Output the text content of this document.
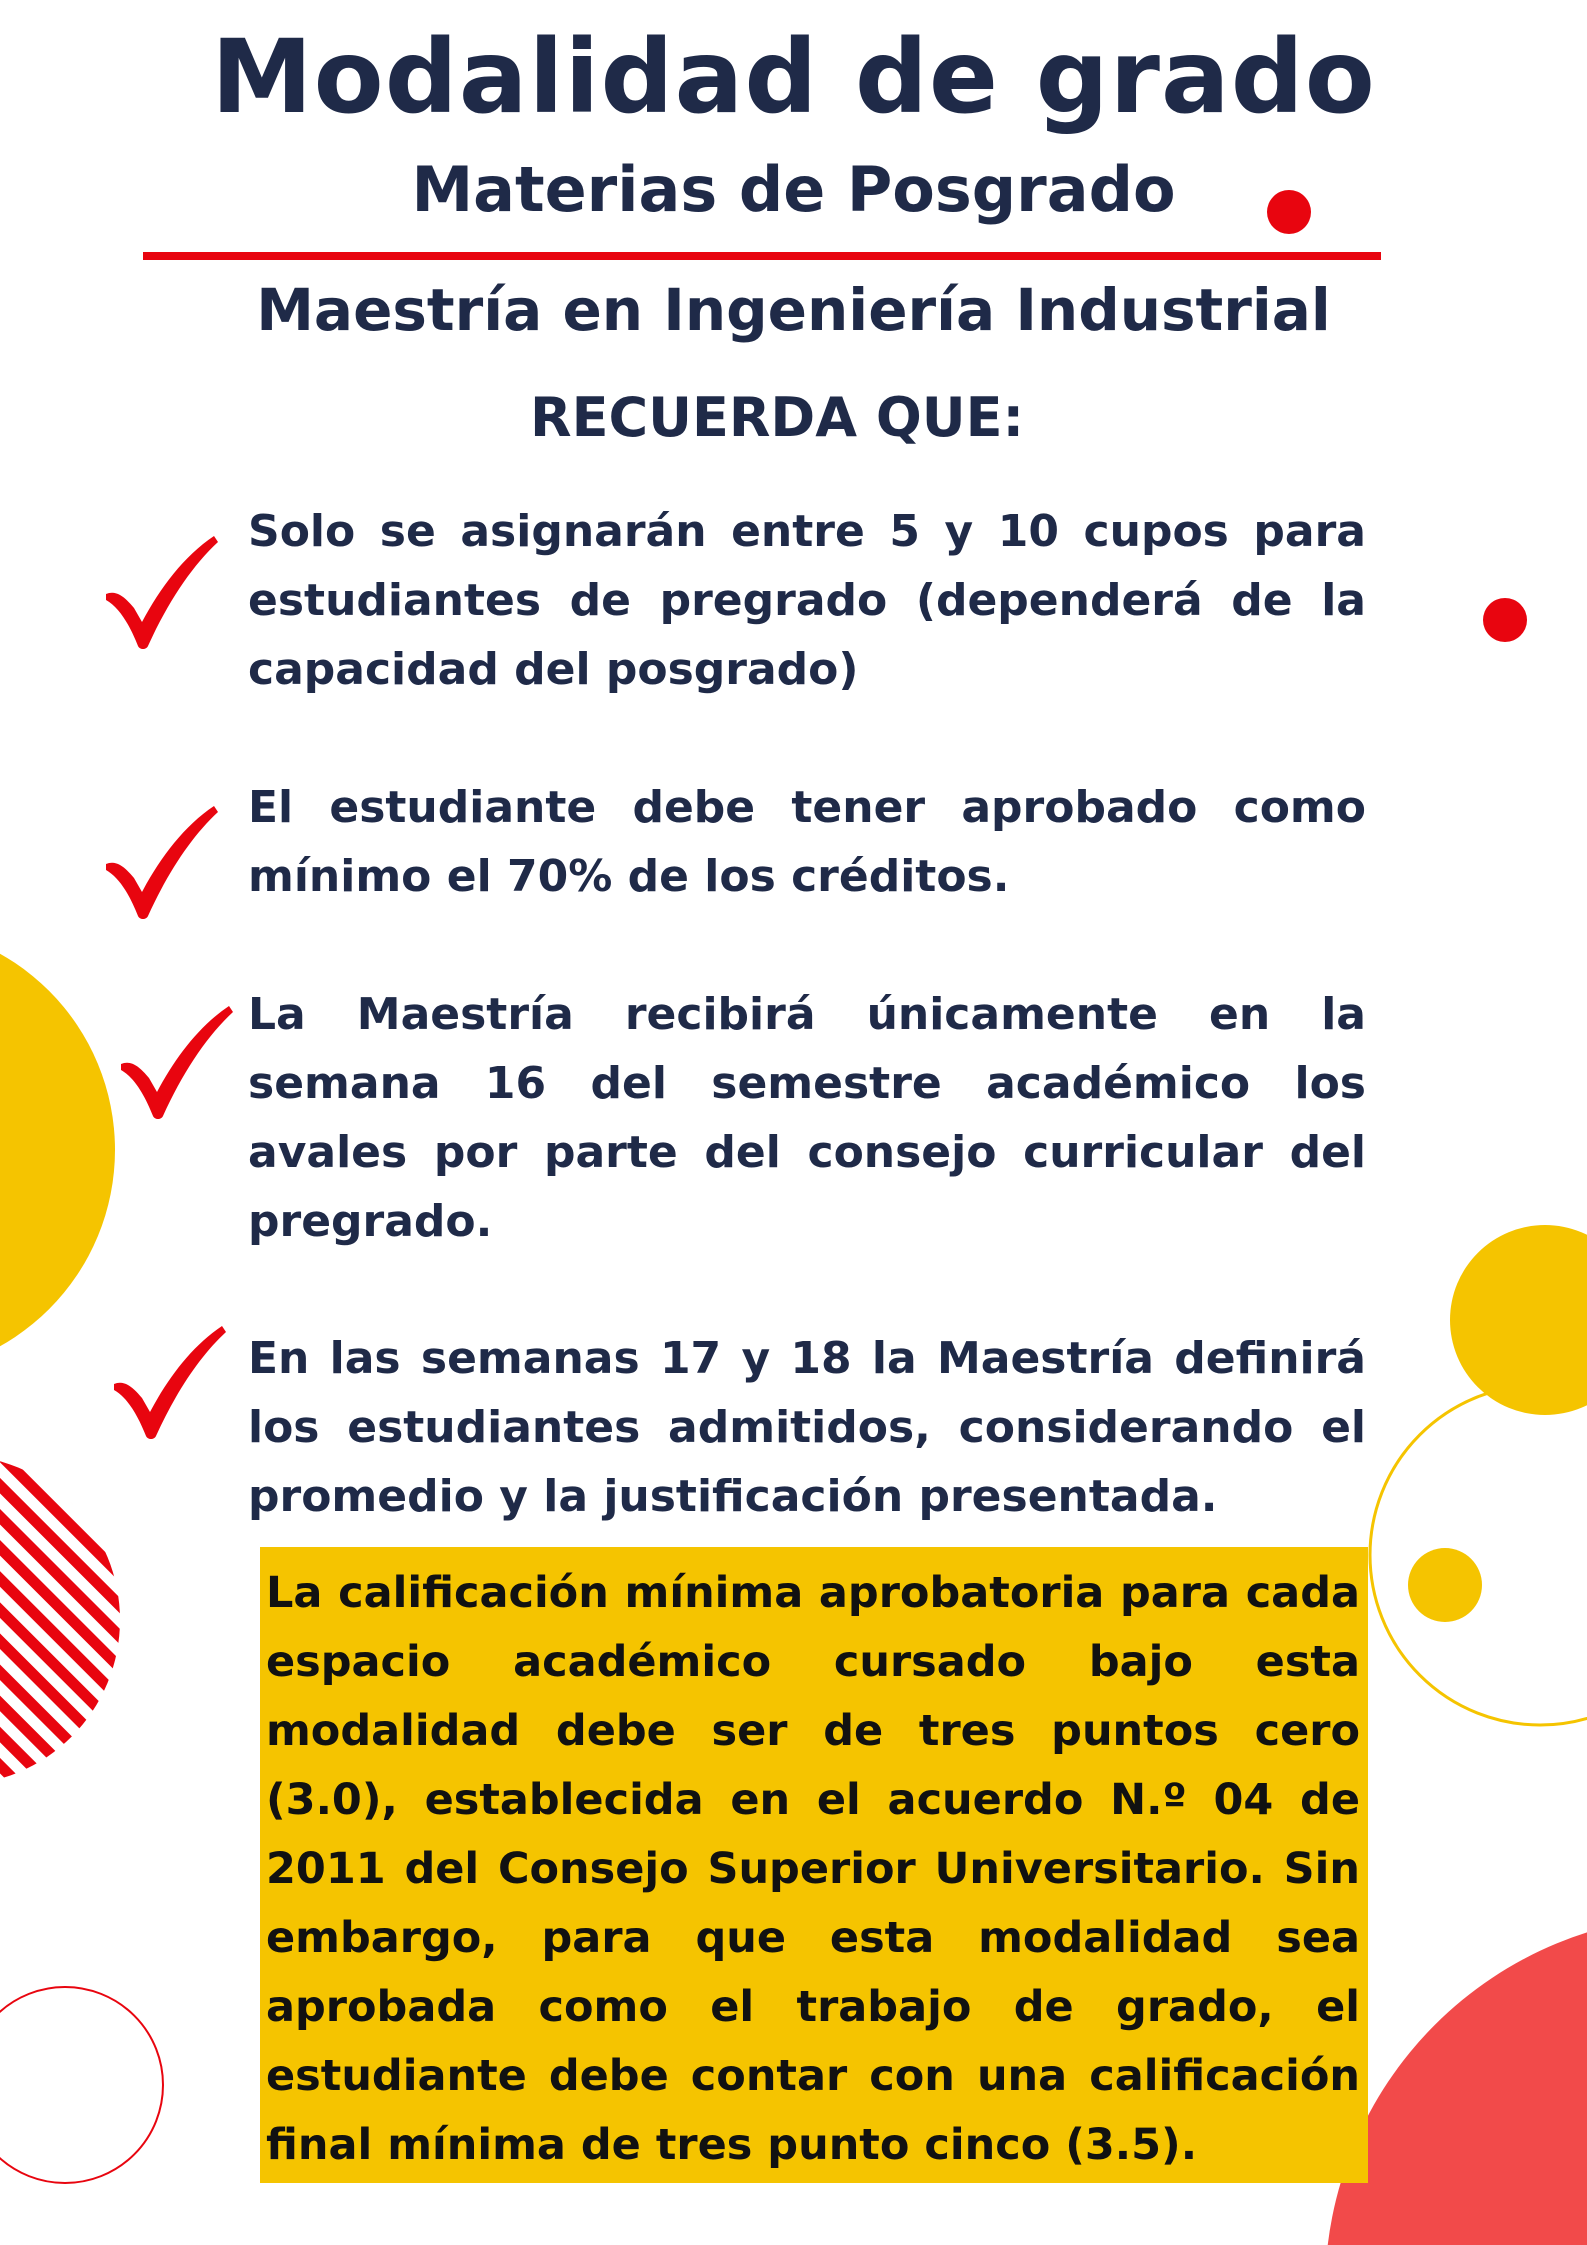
Modalidad de grado
Materias de Posgrado
Maestría en Ingeniería Industrial
RECUERDA QUE:

Solo se asignarán entre 5 y 10 cupos para estudiantes de pregrado (dependerá de la capacidad del posgrado)

El estudiante debe tener aprobado como mínimo el 70% de los créditos.

La Maestría recibirá únicamente en la semana 16 del semestre académico los avales por parte del consejo curricular del pregrado.

En las semanas 17 y 18 la Maestría definirá los estudiantes admitidos, considerando el promedio y la justificación presentada.

La calificación mínima aprobatoria para cada espacio académico cursado bajo esta modalidad debe ser de tres puntos cero (3.0), establecida en el acuerdo N.º 04 de 2011 del Consejo Superior Universitario. Sin embargo, para que esta modalidad sea aprobada como el trabajo de grado, el estudiante debe contar con una calificación final mínima de tres punto cinco (3.5).
